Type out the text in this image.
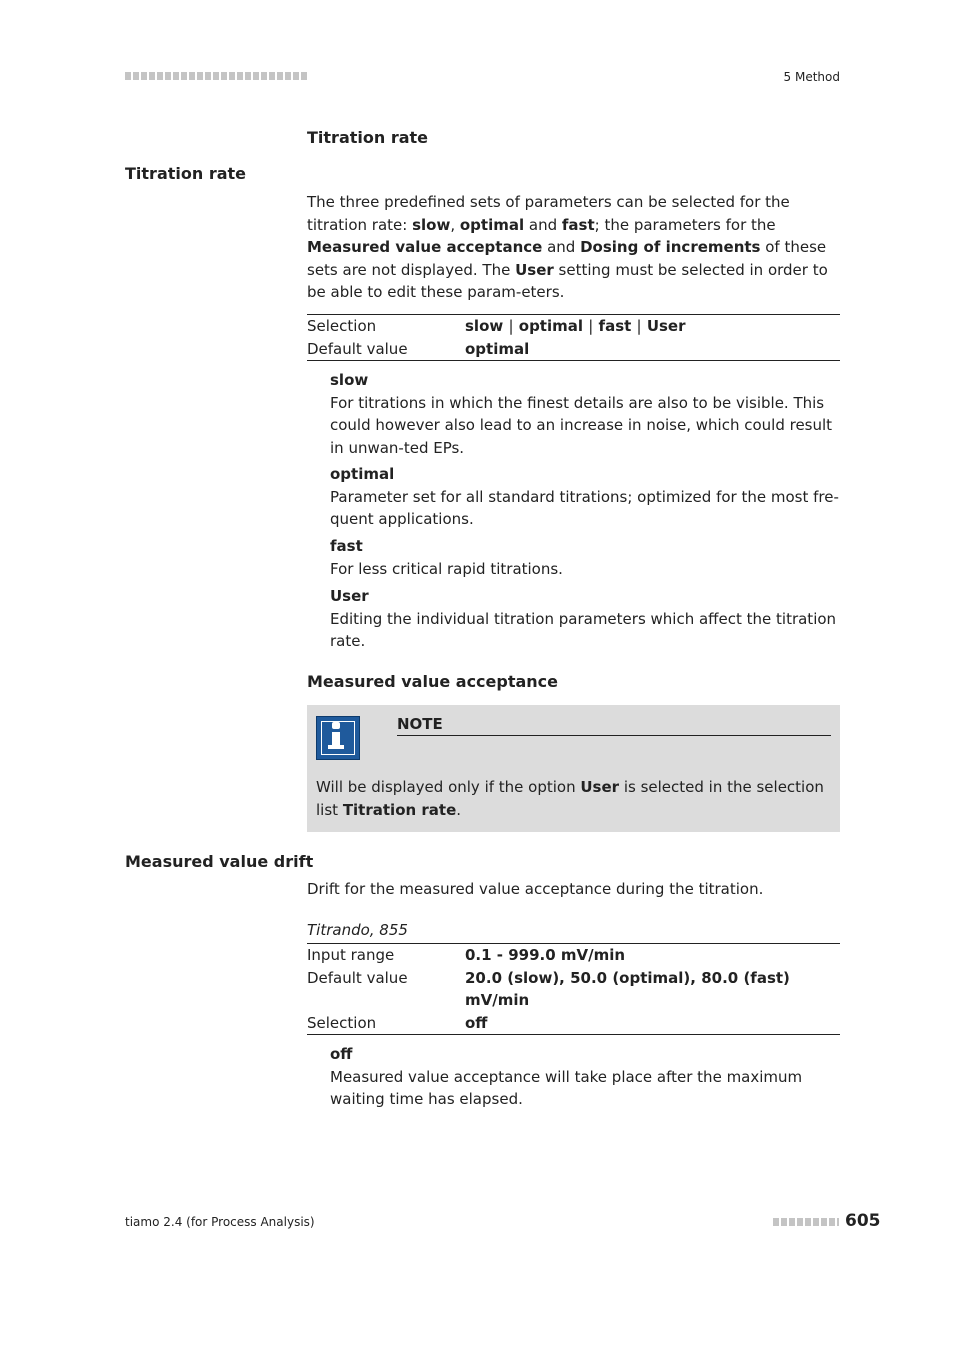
5 Method
Titration rate
Titration rate
The three predefined sets of parameters can be selected for the titration rate: slow, optimal and fast; the parameters for the Measured value acceptance and Dosing of increments of these sets are not displayed. The User setting must be selected in order to be able to edit these param-eters.
Selection	slow | optimal | fast | User
Default value	optimal
slow
For titrations in which the finest details are also to be visible. This could however also lead to an increase in noise, which could result in unwan-ted EPs.
optimal
Parameter set for all standard titrations; optimized for the most fre-quent applications.
fast
For less critical rapid titrations.
User
Editing the individual titration parameters which affect the titration rate.
Measured value acceptance
NOTE
Will be displayed only if the option User is selected in the selection list Titration rate.
Measured value drift
Drift for the measured value acceptance during the titration.
Titrando, 855
Input range	0.1 - 999.0 mV/min
Default value	20.0 (slow), 50.0 (optimal), 80.0 (fast) mV/min
Selection	off
off
Measured value acceptance will take place after the maximum waiting time has elapsed.
tiamo 2.4 (for Process Analysis)	605
